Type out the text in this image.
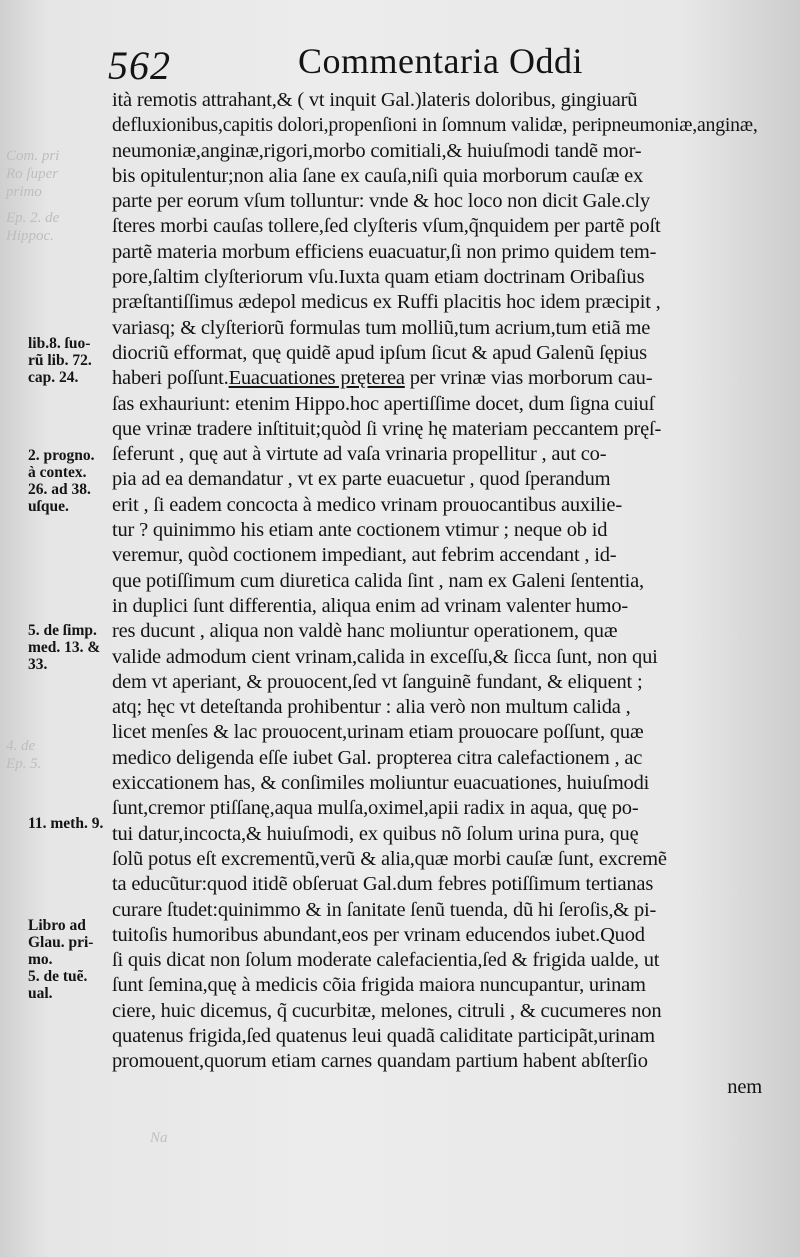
Com. pri
Ro ſuper
primo
Ep. 2. de
Hippoc.
4. de
Ep. 5.
Na
562	Commentaria Oddi
lib.8. ſuo-
rũ lib. 72.
cap. 24.
2. progno.
à contex.
26. ad 38.
uſque.
5. de ſimp.
med. 13. &
33.
11. meth. 9.
Libro ad
Glau. pri-
mo.
5. de tuẽ.
ual.
ità remotis attrahant,& ( vt inquit Gal.)lateris doloribus, gingiuarũ
defluxionibus,capitis dolori,propenſioni in ſomnum validæ, peripneumoniæ,anginæ,
neumoniæ,anginæ,rigori,morbo comitiali,& huiuſmodi tandẽ mor-
bis opitulentur;non alia ſane ex cauſa,niſi quia morborum cauſæ ex
parte per eorum vſum tolluntur: vnde & hoc loco non dicit Gale.cly
ſteres morbi cauſas tollere,ſed clyſteris vſum,q̃nquidem per partẽ poſt
partẽ materia morbum efficiens euacuatur,ſi non primo quidem tem-
pore,ſaltim clyſteriorum vſu.Iuxta quam etiam doctrinam Oribaſius
præſtantiſſimus ædepol medicus ex Ruffi placitis hoc idem præcipit ,
variasq; & clyſteriorũ formulas tum molliũ,tum acrium,tum etiã me
diocriũ efformat, quę quidẽ apud ipſum ſicut & apud Galenũ ſępius
haberi poſſunt.Euacuationes pręterea per vrinæ vias morborum cau-
ſas exhauriunt: etenim Hippo.hoc apertiſſime docet, dum ſigna cuiuſ
que vrinæ tradere inſtituit;quòd ſi vrinę hę materiam peccantem pręſ-
ſeferunt , quę aut à virtute ad vaſa vrinaria propellitur , aut co-
pia ad ea demandatur , vt ex parte euacuetur , quod ſperandum
erit , ſi eadem concocta à medico vrinam prouocantibus auxilie-
tur ? quinimmo his etiam ante coctionem vtimur ; neque ob id
veremur, quòd coctionem impediant, aut febrim accendant , id-
que potiſſimum cum diuretica calida ſint , nam ex Galeni ſententia,
in duplici ſunt differentia, aliqua enim ad vrinam valenter humo-
res ducunt , aliqua non valdè hanc moliuntur operationem, quæ
valide admodum cient vrinam,calida in exceſſu,& ſicca ſunt, non qui
dem vt aperiant, & prouocent,ſed vt ſanguinẽ fundant, & eliquent ;
atq; hęc vt deteſtanda prohibentur : alia verò non multum calida ,
licet menſes & lac prouocent,urinam etiam prouocare poſſunt, quæ
medico deligenda eſſe iubet Gal. propterea citra calefactionem , ac
exiccationem has, & conſimiles moliuntur euacuationes, huiuſmodi
ſunt,cremor ptiſſanę,aqua mulſa,oximel,apii radix in aqua, quę po-
tui datur,incocta,& huiuſmodi, ex quibus nõ ſolum urina pura, quę
ſolũ potus eſt excrementũ,verũ & alia,quæ morbi cauſæ ſunt, excremẽ
ta educũtur:quod itidẽ obſeruat Gal.dum febres potiſſimum tertianas
curare ſtudet:quinimmo & in ſanitate ſenũ tuenda, dũ hi ſeroſis,& pi-
tuitoſis humoribus abundant,eos per vrinam educendos iubet.Quod
ſi quis dicat non ſolum moderate calefacientia,ſed & frigida ualde, ut
ſunt ſemina,quę à medicis cõia frigida maiora nuncupantur, urinam
ciere, huic dicemus, q̃ cucurbitæ, melones, citruli , & cucumeres non
quatenus frigida,ſed quatenus leui quadã caliditate participãt,urinam
promouent,quorum etiam carnes quandam partium habent abſterſio
nem
